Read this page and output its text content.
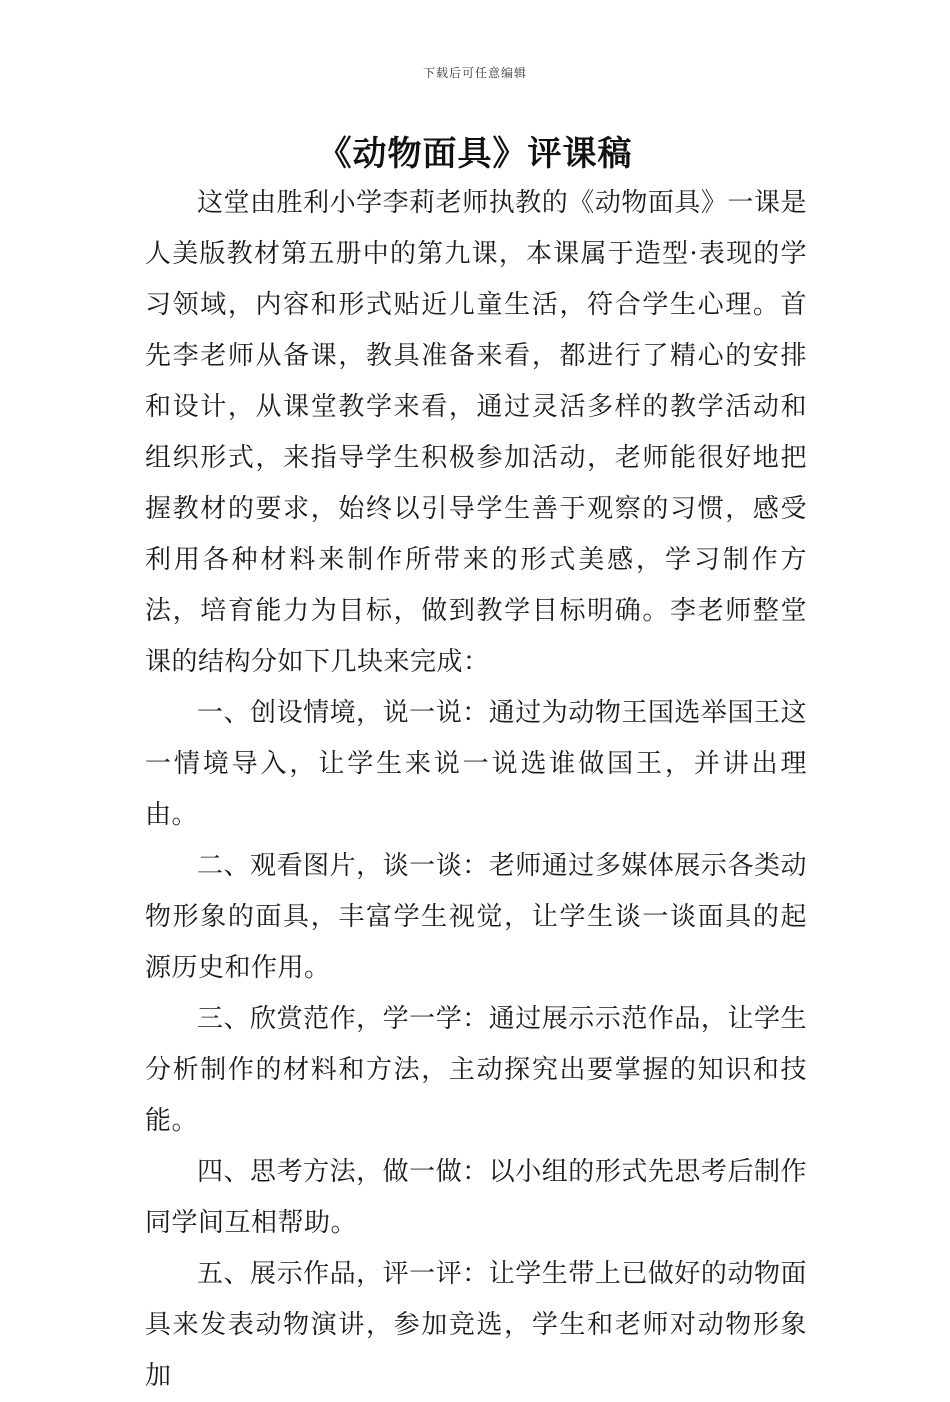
下载后可任意编辑
《动物面具》评课稿

这堂由胜利小学李莉老师执教的《动物面具》一课是人美版教材第五册中的第九课，本课属于造型·表现的学习领域，内容和形式贴近儿童生活，符合学生心理。首先李老师从备课，教具准备来看，都进行了精心的安排和设计，从课堂教学来看，通过灵活多样的教学活动和组织形式，来指导学生积极参加活动，老师能很好地把握教材的要求，始终以引导学生善于观察的习惯，感受利用各种材料来制作所带来的形式美感，学习制作方法，培育能力为目标，做到教学目标明确。李老师整堂课的结构分如下几块来完成：

一、创设情境，说一说：通过为动物王国选举国王这一情境导入，让学生来说一说选谁做国王，并讲出理由。

二、观看图片，谈一谈：老师通过多媒体展示各类动物形象的面具，丰富学生视觉，让学生谈一谈面具的起源历史和作用。

三、欣赏范作，学一学：通过展示示范作品，让学生分析制作的材料和方法，主动探究出要掌握的知识和技能。

四、思考方法，做一做：以小组的形式先思考后制作同学间互相帮助。

五、展示作品，评一评：让学生带上已做好的动物面具来发表动物演讲，参加竞选，学生和老师对动物形象加
